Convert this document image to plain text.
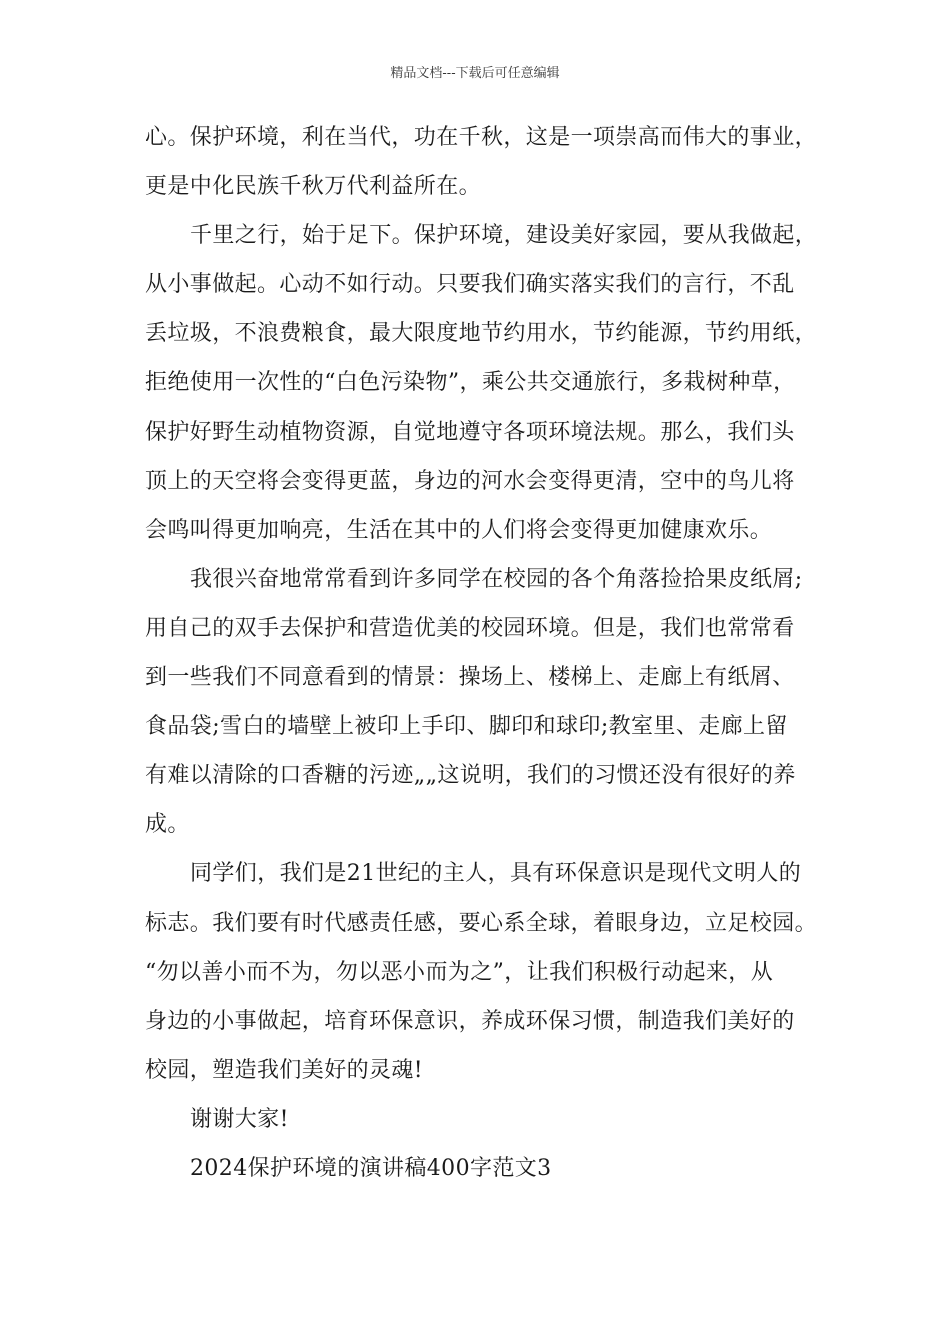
精品文档---下载后可任意编辑
心。保护环境，利在当代，功在千秋，这是一项崇高而伟大的事业，
更是中化民族千秋万代利益所在。
千里之行，始于足下。保护环境，建设美好家园，要从我做起，
从小事做起。心动不如行动。只要我们确实落实我们的言行，不乱
丢垃圾，不浪费粮食，最大限度地节约用水，节约能源，节约用纸，
拒绝使用一次性的“白色污染物”，乘公共交通旅行，多栽树种草，
保护好野生动植物资源，自觉地遵守各项环境法规。那么，我们头
顶上的天空将会变得更蓝，身边的河水会变得更清，空中的鸟儿将
会鸣叫得更加响亮，生活在其中的人们将会变得更加健康欢乐。
我很兴奋地常常看到许多同学在校园的各个角落捡拾果皮纸屑;
用自己的双手去保护和营造优美的校园环境。但是，我们也常常看
到一些我们不同意看到的情景：操场上、楼梯上、走廊上有纸屑、
食品袋;雪白的墙壁上被印上手印、脚印和球印;教室里、走廊上留
有难以清除的口香糖的污迹„„这说明，我们的习惯还没有很好的养
成。
同学们，我们是21世纪的主人，具有环保意识是现代文明人的
标志。我们要有时代感责任感，要心系全球，着眼身边，立足校园。
“勿以善小而不为，勿以恶小而为之”，让我们积极行动起来，从
身边的小事做起，培育环保意识，养成环保习惯，制造我们美好的
校园，塑造我们美好的灵魂!
谢谢大家!
2024保护环境的演讲稿400字范文3
